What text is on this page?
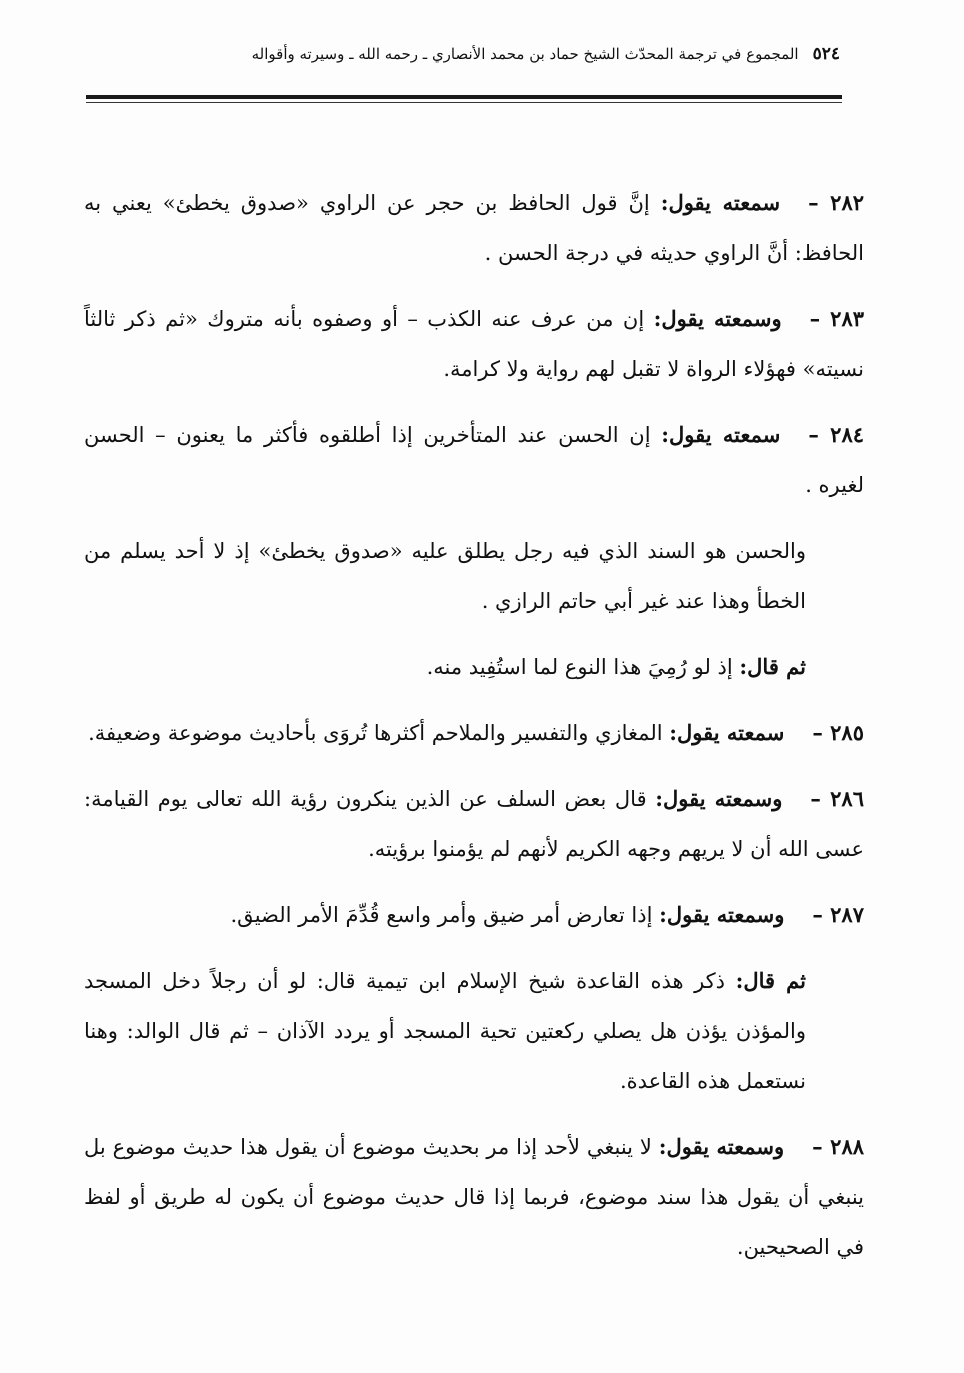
٥٢٤
المجموع في ترجمة المحدّث الشيخ حماد بن محمد الأنصاري ـ رحمه الله ـ وسيرته وأقواله

٢٨٢ –سمعته يقول: إنَّ قول الحافظ بن حجر عن الراوي «صدوق يخطئ» يعني به الحافظ: أنَّ الراوي حديثه في درجة الحسن .

٢٨٣ –وسمعته يقول: إن من عرف عنه الكذب – أو وصفوه بأنه متروك «ثم ذكر ثالثاً نسيته» فهؤلاء الرواة لا تقبل لهم رواية ولا كرامة.

٢٨٤ –سمعته يقول: إن الحسن عند المتأخرين إذا أطلقوه فأكثر ما يعنون – الحسن لغيره .

والحسن هو السند الذي فيه رجل يطلق عليه «صدوق يخطئ» إذ لا أحد يسلم من الخطأ وهذا عند غير أبي حاتم الرازي .

ثم قال: إذ لو رُمِيَ هذا النوع لما استُفِيد منه.

٢٨٥ –سمعته يقول: المغازي والتفسير والملاحم أكثرها تُروَى بأحاديث موضوعة وضعيفة.

٢٨٦ –وسمعته يقول: قال بعض السلف عن الذين ينكرون رؤية الله تعالى يوم القيامة: عسى الله أن لا يريهم وجهه الكريم لأنهم لم يؤمنوا برؤيته.

٢٨٧ –وسمعته يقول: إذا تعارض أمر ضيق وأمر واسع قُدِّمَ الأمر الضيق.

ثم قال: ذكر هذه القاعدة شيخ الإسلام ابن تيمية قال: لو أن رجلاً دخل المسجد والمؤذن يؤذن هل يصلي ركعتين تحية المسجد أو يردد الآذان – ثم قال الوالد: وهنا نستعمل هذه القاعدة.

٢٨٨ –وسمعته يقول: لا ينبغي لأحد إذا مر بحديث موضوع أن يقول هذا حديث موضوع بل ينبغي أن يقول هذا سند موضوع، فربما إذا قال حديث موضوع أن يكون له طريق أو لفظ في الصحيحين.
